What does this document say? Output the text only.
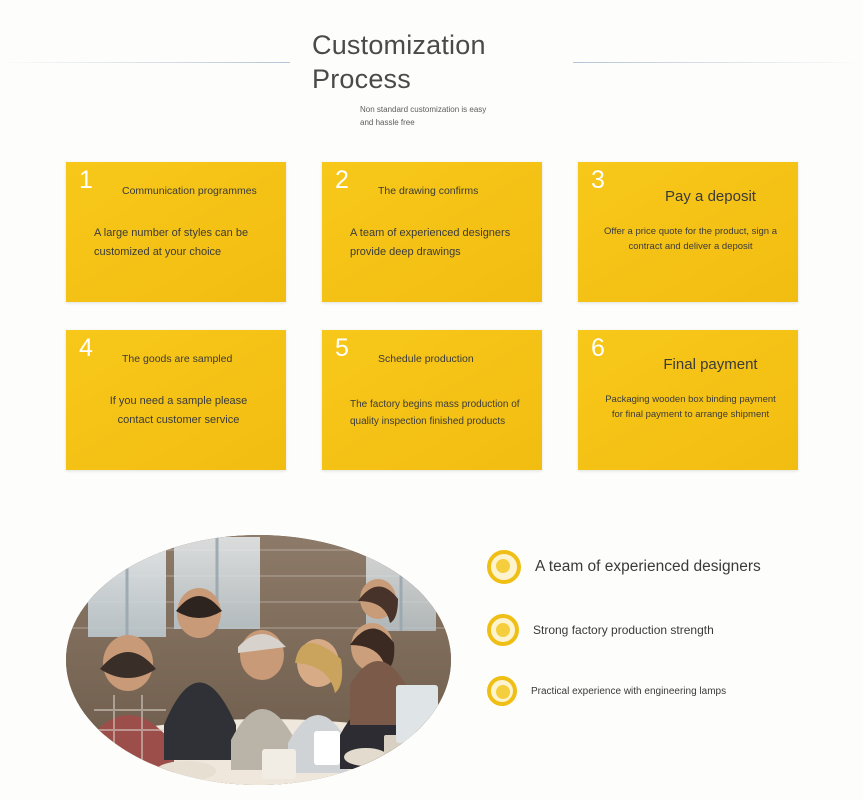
Customization
Process
Non standard customization is easy
and hassle free
1	Communication programmes
A large number of styles can be customized at your choice
2	The drawing confirms
A team of experienced designers provide deep drawings
3
Pay a deposit
Offer a price quote for the product, sign a contract and deliver a deposit
4	The goods are sampled
If you need a sample please contact customer service
5	Schedule production
The factory begins mass production of quality inspection finished products
6
Final payment
Packaging wooden box binding payment for final payment to arrange shipment
A team of experienced designers
Strong factory production strength
Practical experience with engineering lamps
